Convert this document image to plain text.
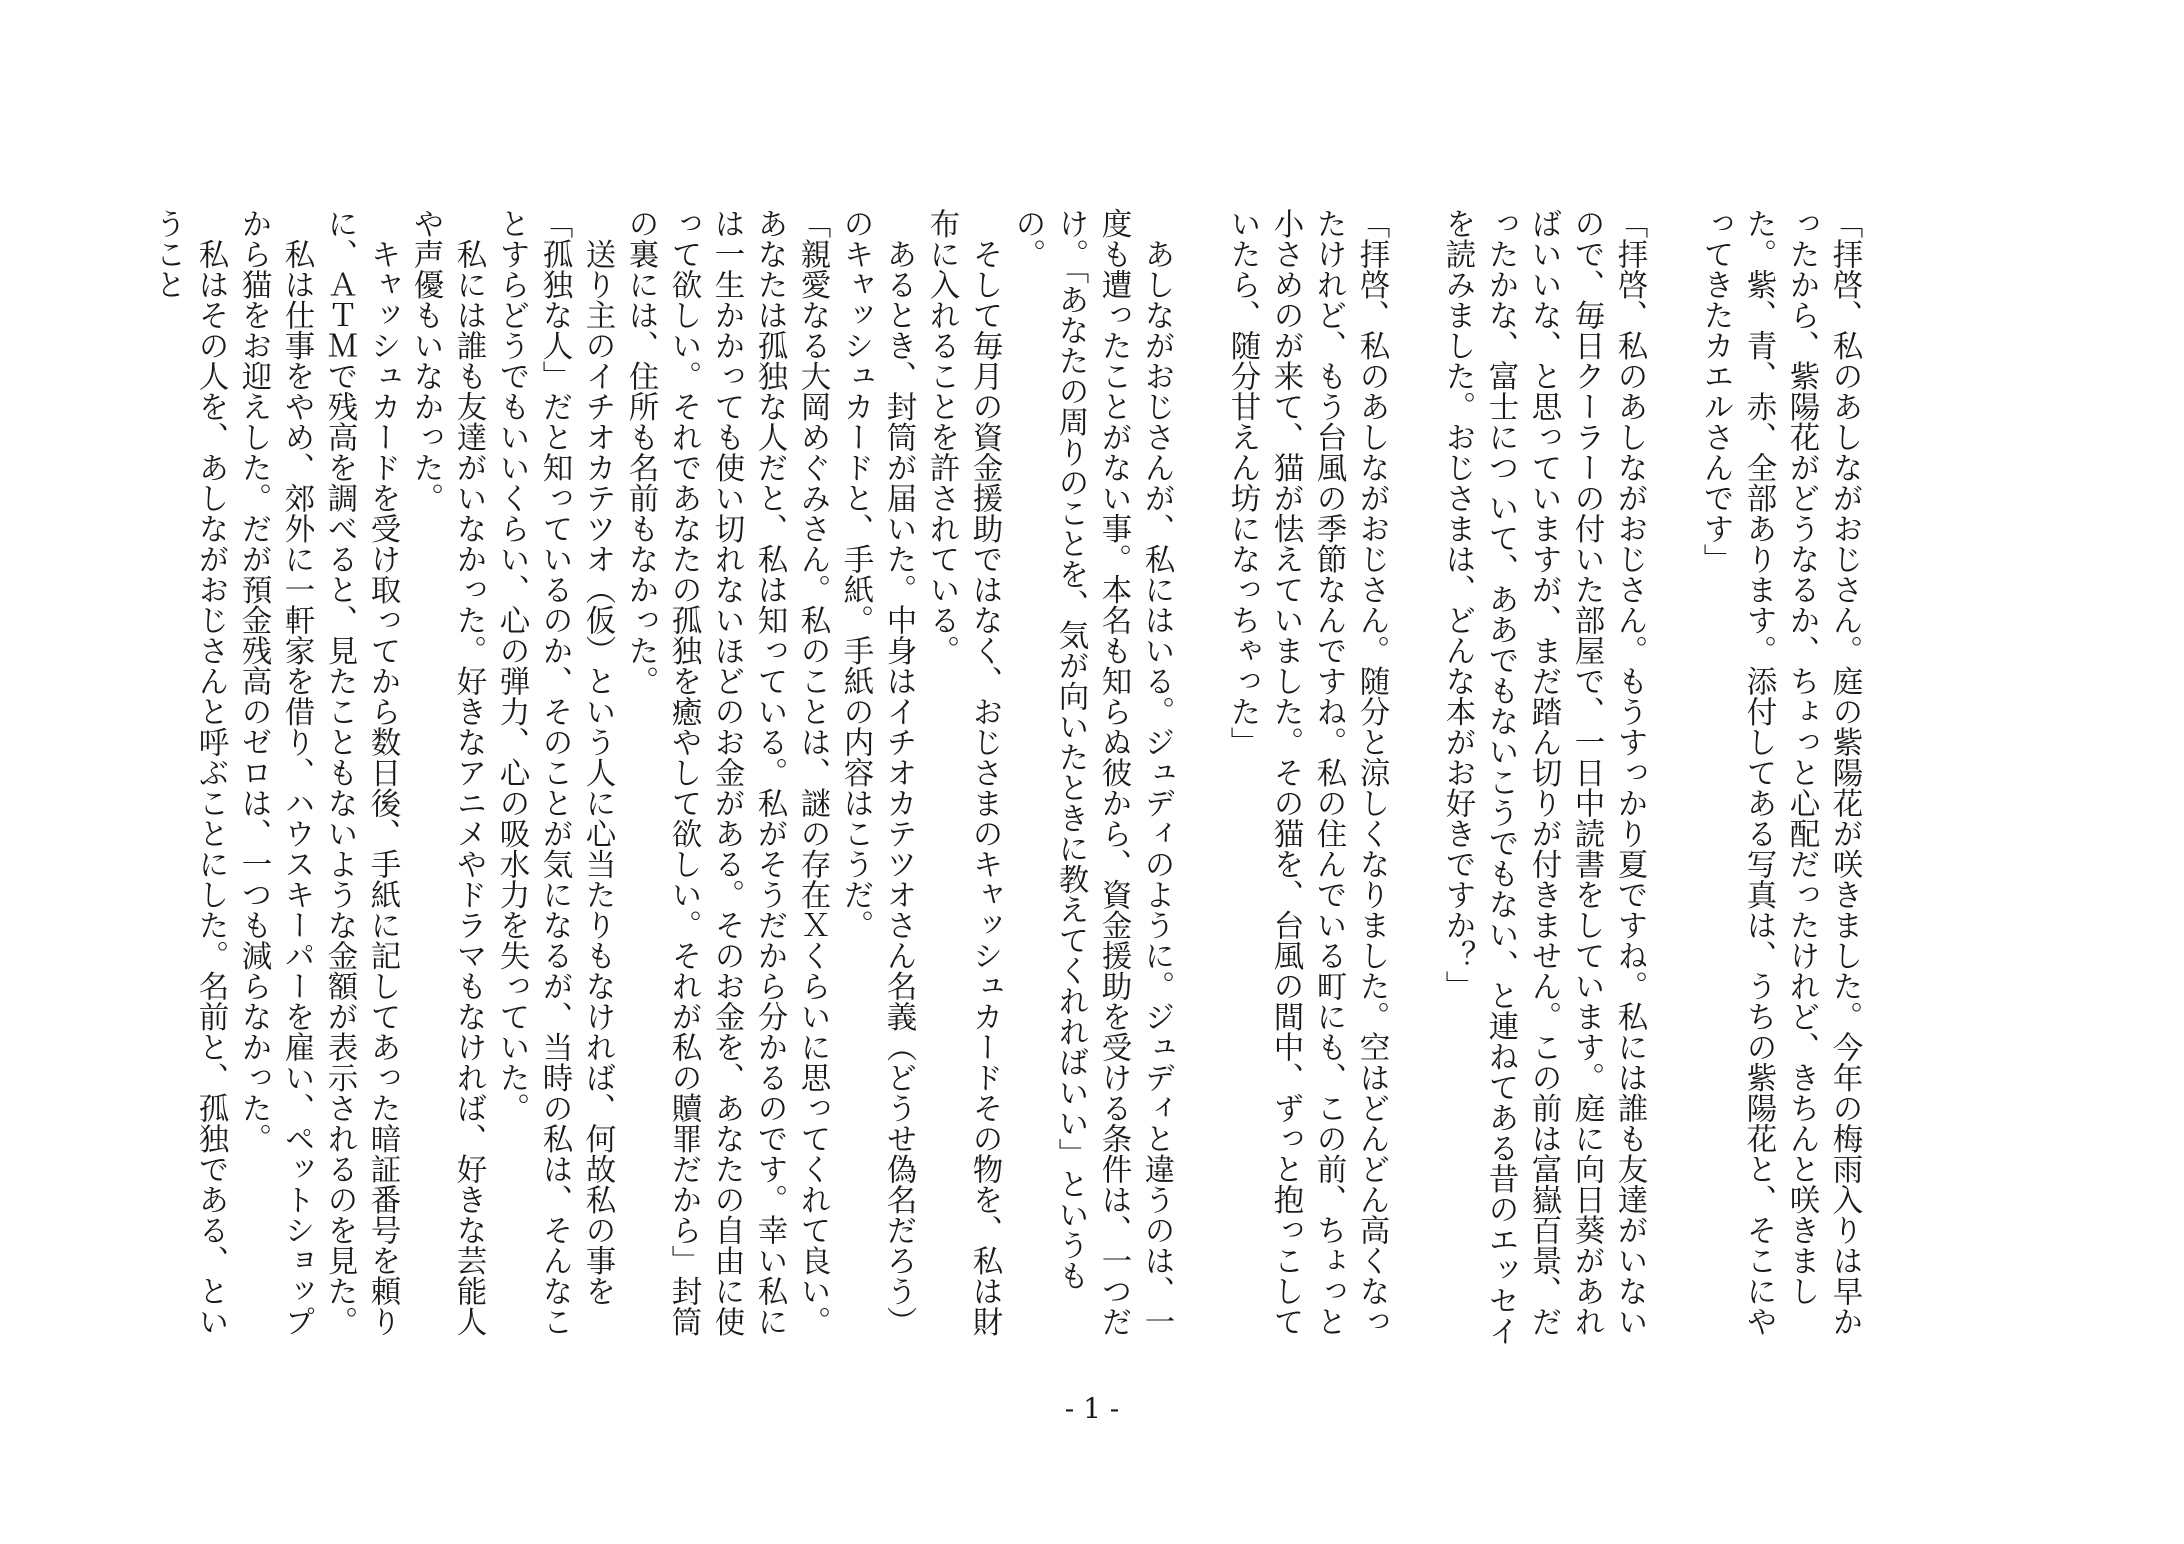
「拝啓、私のあしながおじさん。庭の紫陽花が咲きました。今年の梅雨入りは早かったから、紫陽花がどうなるか、ちょっと心配だったけれど、きちんと咲きました。紫、青、赤、全部あります。添付してある写真は、うちの紫陽花と、そこにやってきたカエルさんです」

「拝啓、私のあしながおじさん。もうすっかり夏ですね。私には誰も友達がいないので、毎日クーラーの付いた部屋で、一日中読書をしています。庭に向日葵があればいいな、と思っていますが、まだ踏ん切りが付きません。この前は富嶽百景、だったかな、富士につ いて、ああでもないこうでもない、と連ねてある昔のエッセイを読みました。おじさまは、どんな本がお好きですか？」

「拝啓、私のあしながおじさん。随分と涼しくなりました。空はどんどん高くなったけれど、もう台風の季節なんですね。私の住んでいる町にも、この前、ちょっと小さめのが来て、猫が怯えていました。その猫を、台風の間中、ずっと抱っこしていたら、随分甘えん坊になっちゃった」

　あしながおじさんが、私にはいる。ジュディのように。ジュディと違うのは、一度も遭ったことがない事。本名も知らぬ彼から、資金援助を受ける条件は、一つだけ。「あなたの周りのことを、気が向いたときに教えてくれればいい」というもの。

　そして毎月の資金援助ではなく、おじさまのキャッシュカードその物を、私は財布に入れることを許されている。

　あるとき、封筒が届いた。中身はイチオカテツオさん名義（どうせ偽名だろう）のキャッシュカードと、手紙。手紙の内容はこうだ。

「親愛なる大岡めぐみさん。私のことは、謎の存在Ｘくらいに思ってくれて良い。あなたは孤独な人だと、私は知っている。私がそうだから分かるのです。幸い私には一生かかっても使い切れないほどのお金がある。そのお金を、あなたの自由に使って欲しい。それであなたの孤独を癒やして欲しい。それが私の贖罪だから」封筒の裏には、住所も名前もなかった。

　送り主のイチオカテツオ（仮）という人に心当たりもなければ、何故私の事を「孤独な人」だと知っているのか、そのことが気になるが、当時の私は、そんなことすらどうでもいいくらい、心の弾力、心の吸水力を失っていた。

　私には誰も友達がいなかった。好きなアニメやドラマもなければ、好きな芸能人や声優もいなかった。

　キャッシュカードを受け取ってから数日後、手紙に記してあった暗証番号を頼りに、ＡＴＭで残高を調べると、見たこともないような金額が表示されるのを見た。

　私は仕事をやめ、郊外に一軒家を借り、ハウスキーパーを雇い、ペットショップから猫をお迎えした。だが預金残高のゼロは、一つも減らなかった。

　私はその人を、あしながおじさんと呼ぶことにした。名前と、孤独である、ということ

- 1 -
